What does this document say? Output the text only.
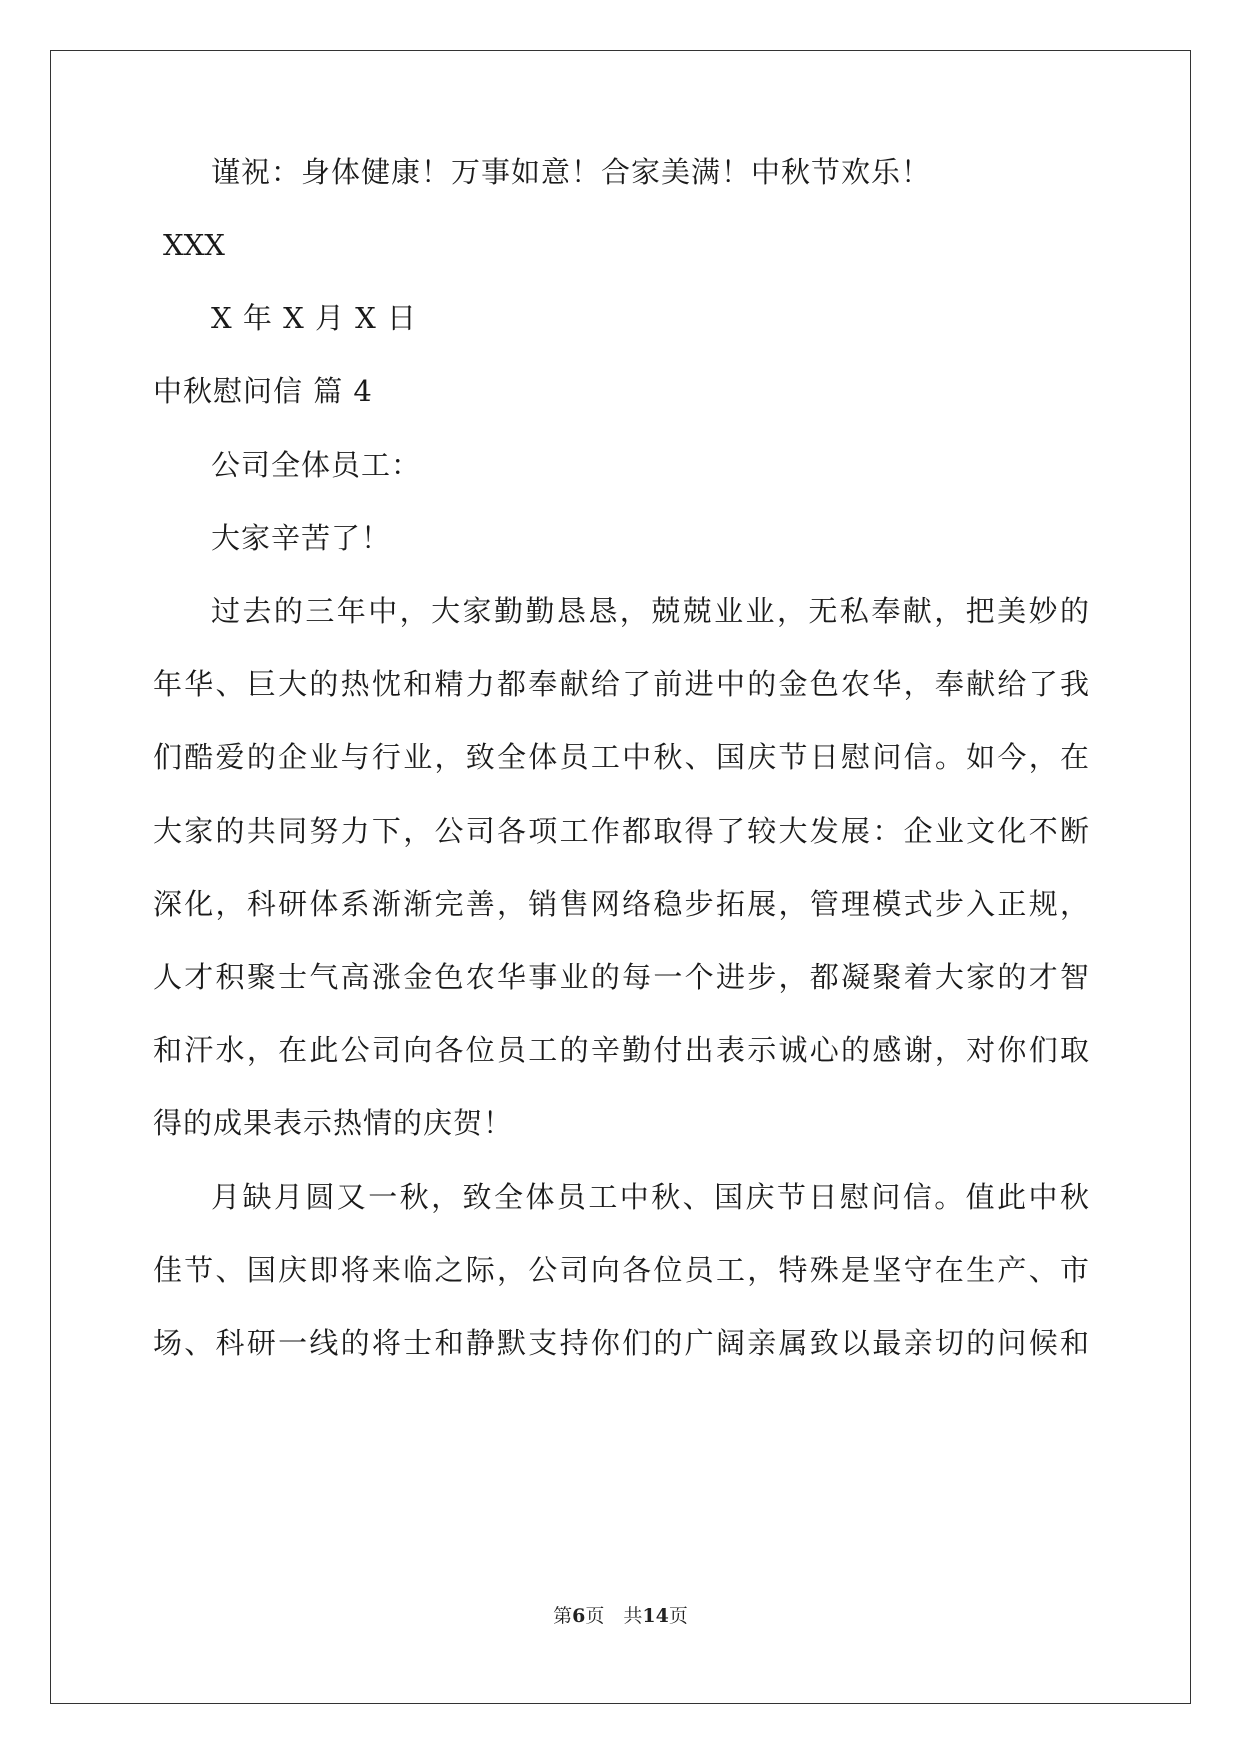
谨祝：身体健康！万事如意！合家美满！中秋节欢乐！
XXX
X 年 X 月 X 日
中秋慰问信 篇 4
公司全体员工：
大家辛苦了！
过去的三年中，大家勤勤恳恳，兢兢业业，无私奉献，把美妙的
年华、巨大的热忱和精力都奉献给了前进中的金色农华，奉献给了我
们酷爱的企业与行业，致全体员工中秋、国庆节日慰问信。如今，在
大家的共同努力下，公司各项工作都取得了较大发展：企业文化不断
深化，科研体系渐渐完善，销售网络稳步拓展，管理模式步入正规，
人才积聚士气高涨金色农华事业的每一个进步，都凝聚着大家的才智
和汗水，在此公司向各位员工的辛勤付出表示诚心的感谢，对你们取
得的成果表示热情的庆贺！
月缺月圆又一秋，致全体员工中秋、国庆节日慰问信。值此中秋
佳节、国庆即将来临之际，公司向各位员工，特殊是坚守在生产、市
场、科研一线的将士和静默支持你们的广阔亲属致以最亲切的问候和
第6页　共14页
